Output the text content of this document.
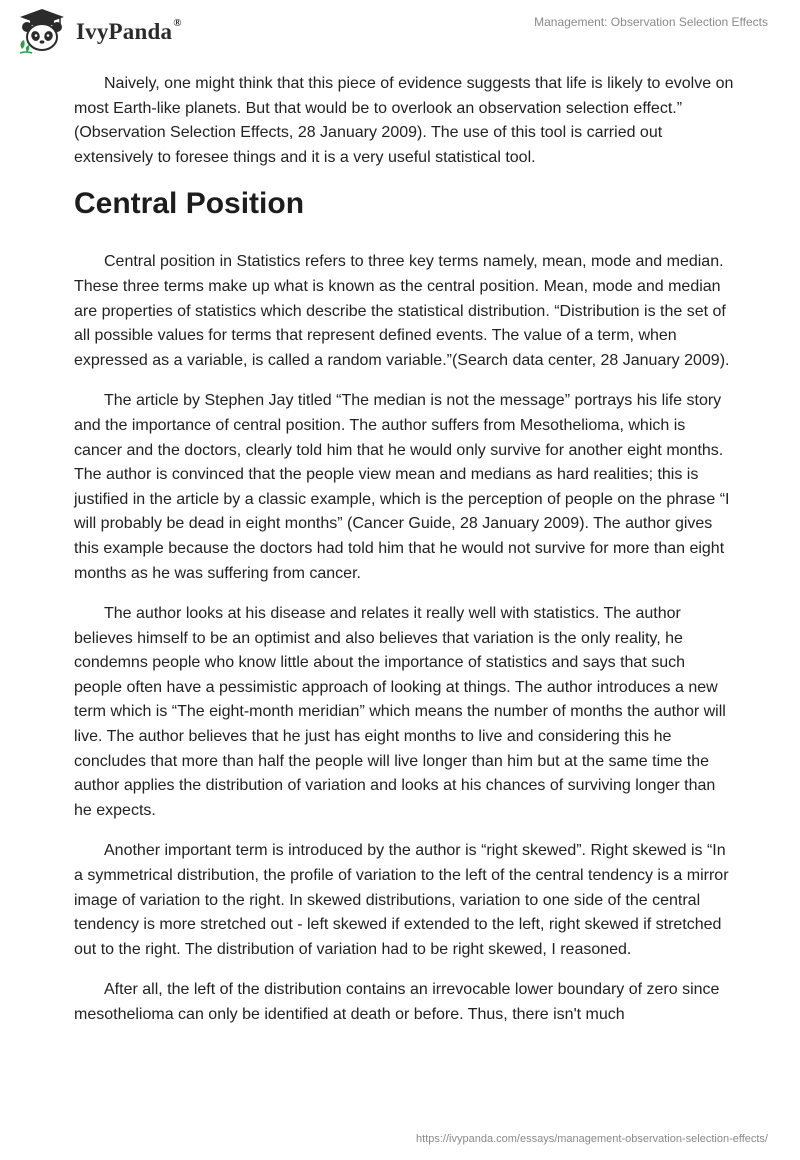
IvyPanda®	Management: Observation Selection Effects

Naively, one might think that this piece of evidence suggests that life is likely to evolve on most Earth-like planets. But that would be to overlook an observation selection effect.” (Observation Selection Effects, 28 January 2009). The use of this tool is carried out extensively to foresee things and it is a very useful statistical tool.

Central Position

Central position in Statistics refers to three key terms namely, mean, mode and median. These three terms make up what is known as the central position. Mean, mode and median are properties of statistics which describe the statistical distribution. “Distribution is the set of all possible values for terms that represent defined events. The value of a term, when expressed as a variable, is called a random variable.”(Search data center, 28 January 2009).

The article by Stephen Jay titled “The median is not the message” portrays his life story and the importance of central position. The author suffers from Mesothelioma, which is cancer and the doctors, clearly told him that he would only survive for another eight months. The author is convinced that the people view mean and medians as hard realities; this is justified in the article by a classic example, which is the perception of people on the phrase “I will probably be dead in eight months” (Cancer Guide, 28 January 2009). The author gives this example because the doctors had told him that he would not survive for more than eight months as he was suffering from cancer.

The author looks at his disease and relates it really well with statistics. The author believes himself to be an optimist and also believes that variation is the only reality, he condemns people who know little about the importance of statistics and says that such people often have a pessimistic approach of looking at things. The author introduces a new term which is “The eight-month meridian” which means the number of months the author will live. The author believes that he just has eight months to live and considering this he concludes that more than half the people will live longer than him but at the same time the author applies the distribution of variation and looks at his chances of surviving longer than he expects.

Another important term is introduced by the author is “right skewed”. Right skewed is “In a symmetrical distribution, the profile of variation to the left of the central tendency is a mirror image of variation to the right. In skewed distributions, variation to one side of the central tendency is more stretched out - left skewed if extended to the left, right skewed if stretched out to the right. The distribution of variation had to be right skewed, I reasoned.

After all, the left of the distribution contains an irrevocable lower boundary of zero since mesothelioma can only be identified at death or before. Thus, there isn't much

https://ivypanda.com/essays/management-observation-selection-effects/
